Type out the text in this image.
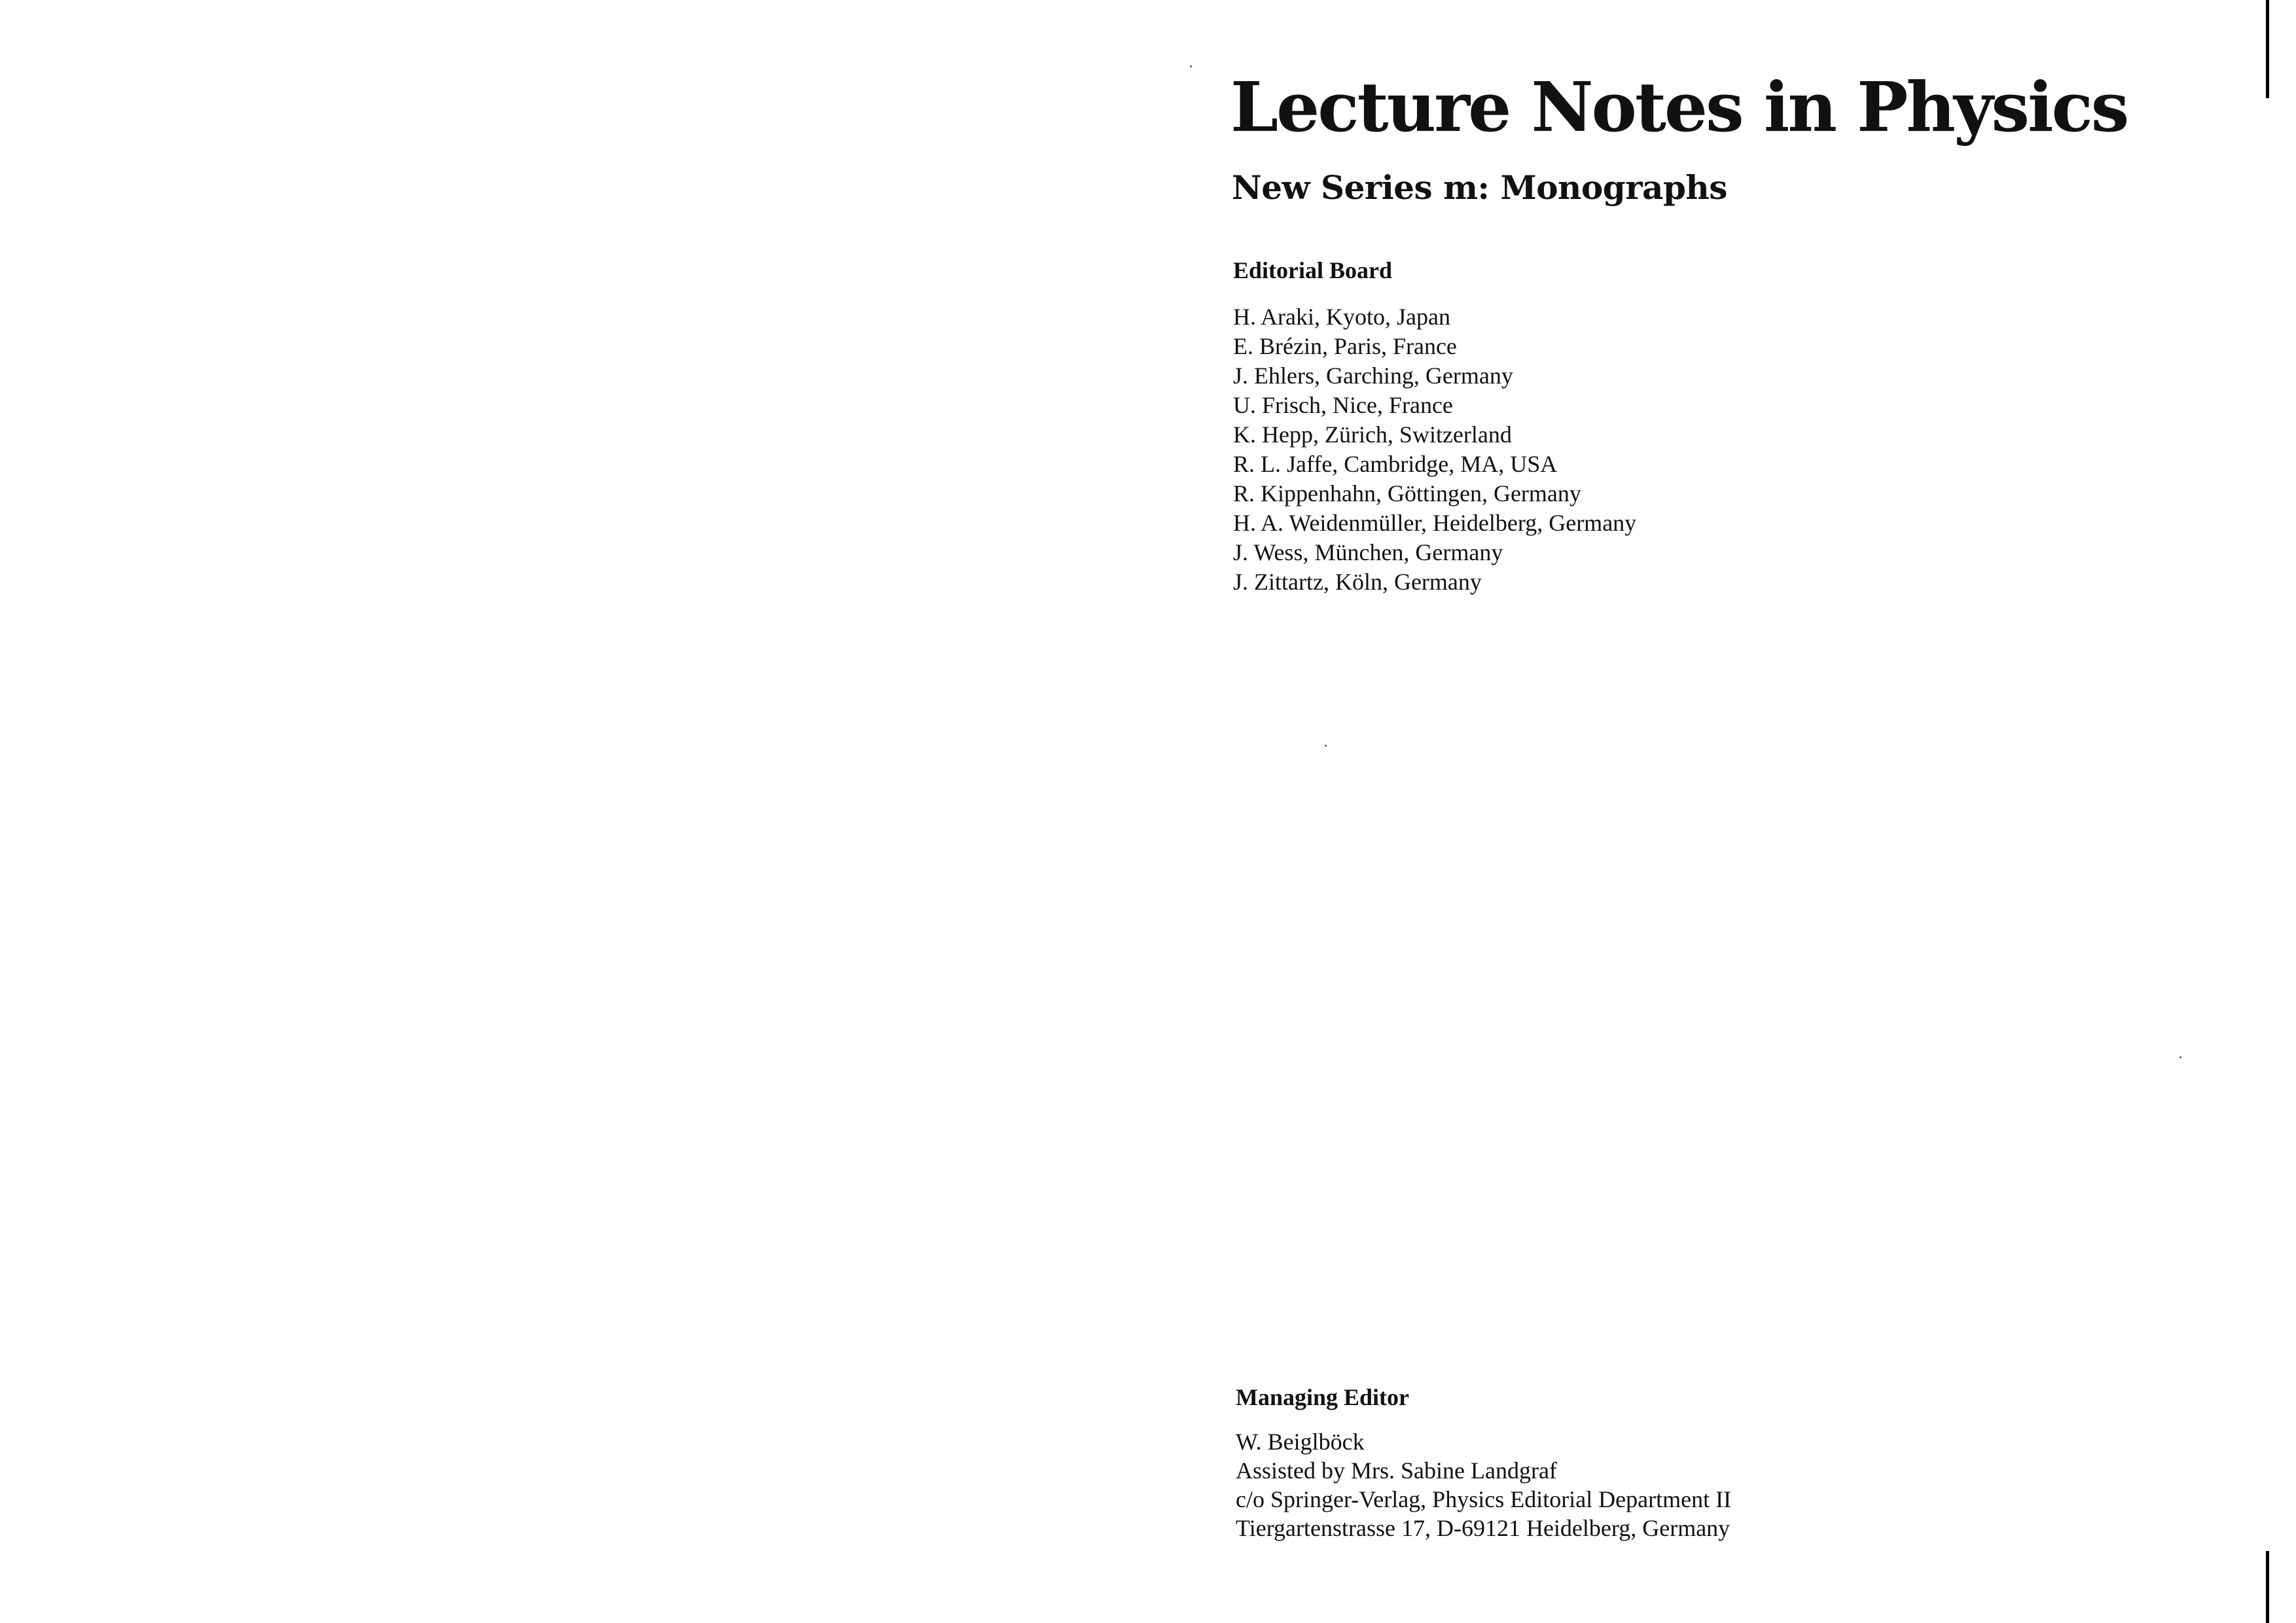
Lecture Notes in Physics
New Series m: Monographs
Editorial Board
H. Araki, Kyoto, Japan
E. Brézin, Paris, France
J. Ehlers, Garching, Germany
U. Frisch, Nice, France
K. Hepp, Zürich, Switzerland
R. L. Jaffe, Cambridge, MA, USA
R. Kippenhahn, Göttingen, Germany
H. A. Weidenmüller, Heidelberg, Germany
J. Wess, München, Germany
J. Zittartz, Köln, Germany
Managing Editor
W. Beiglböck
Assisted by Mrs. Sabine Landgraf
c/o Springer-Verlag, Physics Editorial Department II
Tiergartenstrasse 17, D-69121 Heidelberg, Germany
